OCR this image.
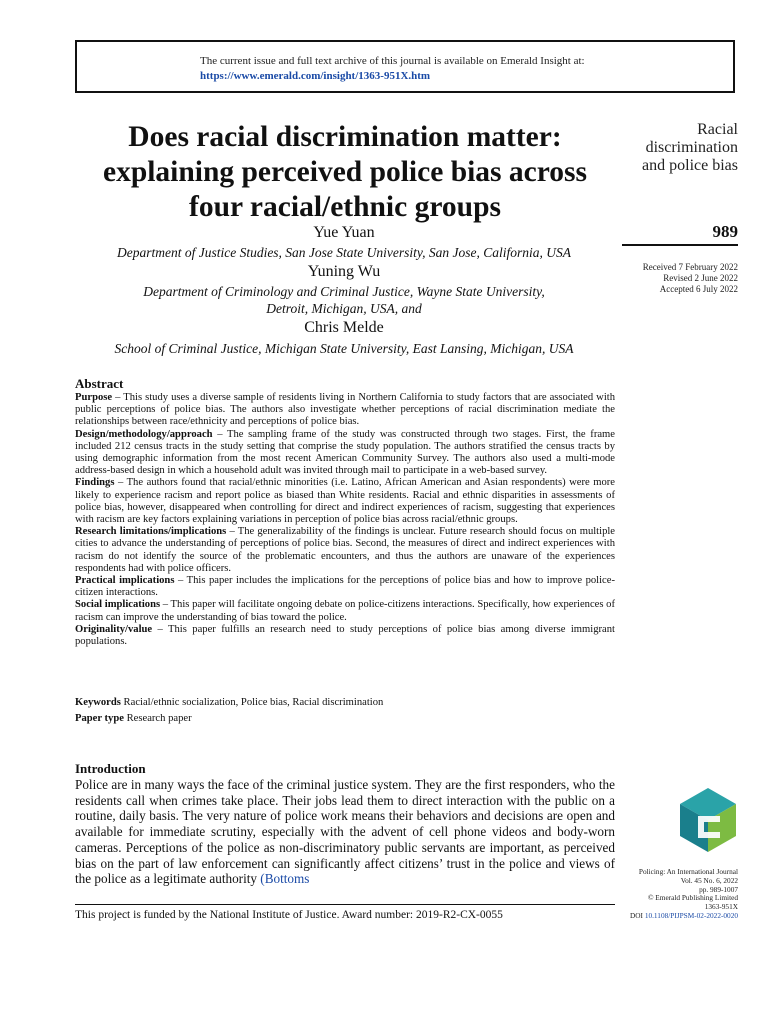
The current issue and full text archive of this journal is available on Emerald Insight at:
https://www.emerald.com/insight/1363-951X.htm
Does racial discrimination matter: explaining perceived police bias across four racial/ethnic groups
Racial
discrimination
and police bias
989
Received 7 February 2022
Revised 2 June 2022
Accepted 6 July 2022
Yue Yuan
Department of Justice Studies, San Jose State University, San Jose, California, USA
Yuning Wu
Department of Criminology and Criminal Justice, Wayne State University,
Detroit, Michigan, USA, and
Chris Melde
School of Criminal Justice, Michigan State University, East Lansing, Michigan, USA
Abstract

Purpose – This study uses a diverse sample of residents living in Northern California to study factors that are associated with public perceptions of police bias. The authors also investigate whether perceptions of racial discrimination mediate the relationships between race/ethnicity and perceptions of police bias.

Design/methodology/approach – The sampling frame of the study was constructed through two stages. First, the frame included 212 census tracts in the study setting that comprise the study population. The authors stratified the census tracts by using demographic information from the most recent American Community Survey. The authors also used a multi-mode address-based design in which a household adult was invited through mail to participate in a web-based survey.

Findings – The authors found that racial/ethnic minorities (i.e. Latino, African American and Asian respondents) were more likely to experience racism and report police as biased than White residents. Racial and ethnic disparities in assessments of police bias, however, disappeared when controlling for direct and indirect experiences of racism, suggesting that experiences with racism are key factors explaining variations in perception of police bias across racial/ethnic groups.

Research limitations/implications – The generalizability of the findings is unclear. Future research should focus on multiple cities to advance the understanding of perceptions of police bias. Second, the measures of direct and indirect experiences with racism do not identify the source of the problematic encounters, and thus the authors are unaware of the experiences respondents had with police officers.

Practical implications – This paper includes the implications for the perceptions of police bias and how to improve police-citizen interactions.

Social implications – This paper will facilitate ongoing debate on police-citizens interactions. Specifically, how experiences of racism can improve the understanding of bias toward the police.

Originality/value – This paper fulfills an research need to study perceptions of police bias among diverse immigrant populations.

Keywords Racial/ethnic socialization, Police bias, Racial discrimination
Paper type Research paper
Introduction
Police are in many ways the face of the criminal justice system. They are the first responders, who the residents call when crimes take place. Their jobs lead them to direct interaction with the public on a routine, daily basis. The very nature of police work means their behaviors and decisions are open and available for immediate scrutiny, especially with the advent of cell phone videos and body-worn cameras. Perceptions of the police as non-discriminatory public servants are important, as perceived bias on the part of law enforcement can significantly affect citizens’ trust in the police and views of the police as a legitimate authority (Bottoms
This project is funded by the National Institute of Justice. Award number: 2019-R2-CX-0055
Policing: An International Journal
Vol. 45 No. 6, 2022
pp. 989-1007
© Emerald Publishing Limited
1363-951X
DOI 10.1108/PIJPSM-02-2022-0020
